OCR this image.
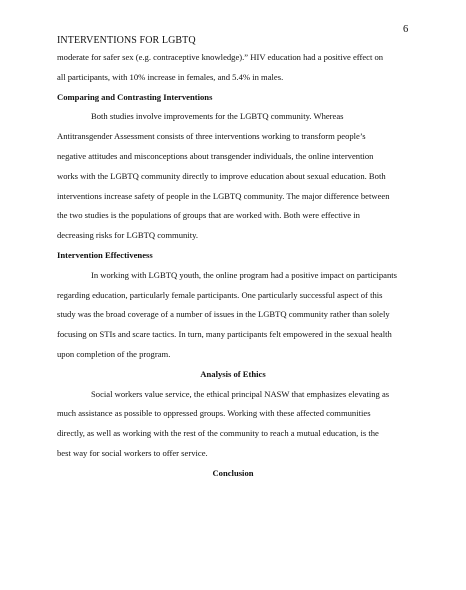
6
INTERVENTIONS FOR LGBTQ
moderate for safer sex (e.g. contraceptive knowledge).” HIV education had a positive effect on
all participants, with 10% increase in females, and 5.4% in males.
Comparing and Contrasting Interventions
Both studies involve improvements for the LGBTQ community. Whereas
Antitransgender Assessment consists of three interventions working to transform people’s
negative attitudes and misconceptions about transgender individuals, the online intervention
works with the LGBTQ community directly to improve education about sexual education. Both
interventions increase safety of people in the LGBTQ community. The major difference between
the two studies is the populations of groups that are worked with. Both were effective in
decreasing risks for LGBTQ community.
Intervention Effectiveness
In working with LGBTQ youth, the online program had a positive impact on participants
regarding education, particularly female participants. One particularly successful aspect of this
study was the broad coverage of a number of issues in the LGBTQ community rather than solely
focusing on STIs and scare tactics. In turn, many participants felt empowered in the sexual health
upon completion of the program.
Analysis of Ethics
Social workers value service, the ethical principal NASW that emphasizes elevating as
much assistance as possible to oppressed groups. Working with these affected communities
directly, as well as working with the rest of the community to reach a mutual education, is the
best way for social workers to offer service.
Conclusion
